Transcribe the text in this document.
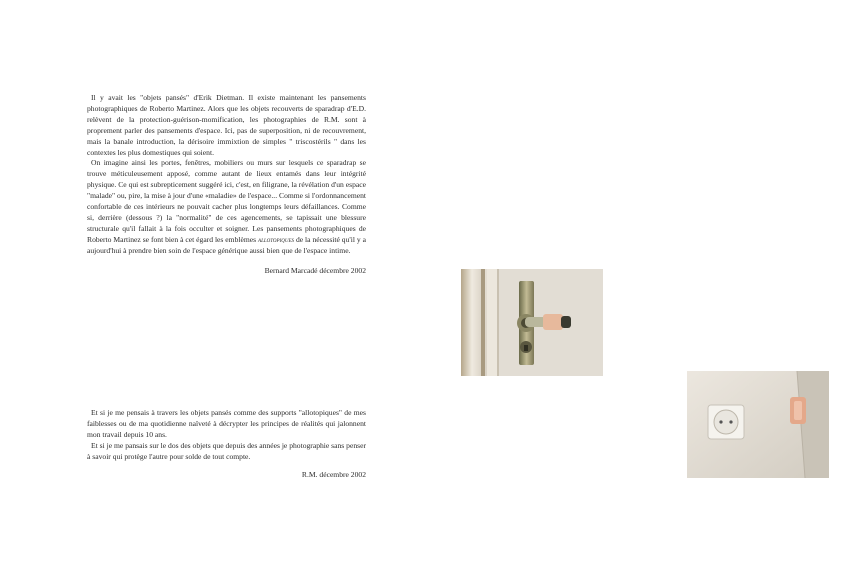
Il y avait les "objets pansés" d'Erik Dietman. Il existe maintenant les pansements photographiques de Roberto Martinez. Alors que les objets recouverts de sparadrap d'E.D. relèvent de la protection-guérison-momification, les photographies de R.M. sont à proprement parler des pansements d'espace. Ici, pas de superposition, ni de recouvrement, mais la banale introduction, la dérisoire immixtion de simples " triscostérils " dans les contextes les plus domestiques qui soient.

On imagine ainsi les portes, fenêtres, mobiliers ou murs sur lesquels ce sparadrap se trouve méticuleusement apposé, comme autant de lieux entamés dans leur intégrité physique. Ce qui est subrepticement suggéré ici, c'est, en filigrane, la révélation d'un espace "malade" ou, pire, la mise à jour d'une «maladie» de l'espace... Comme si l'ordonnancement confortable de ces intérieurs ne pouvait cacher plus longtemps leurs défaillances. Comme si, derrière (dessous ?) la "normalité" de ces agencements, se tapissait une blessure structurale qu'il fallait à la fois occulter et soigner. Les pansements photographiques de Roberto Martinez se font bien à cet égard les emblèmes allotopiques de la nécessité qu'il y a aujourd'hui à prendre bien soin de l'espace générique aussi bien que de l'espace intime.

Bernard Marcadé décembre 2002

Et si je me pensais à travers les objets pansés comme des supports "allotopiques" de mes faiblesses ou de ma quotidienne naïveté à décrypter les principes de réalités qui jalonnent mon travail depuis 10 ans.

Et si je me pansais sur le dos des objets que depuis des années je photographie sans penser à savoir qui protège l'autre pour solde de tout compte.

R.M. décembre 2002
